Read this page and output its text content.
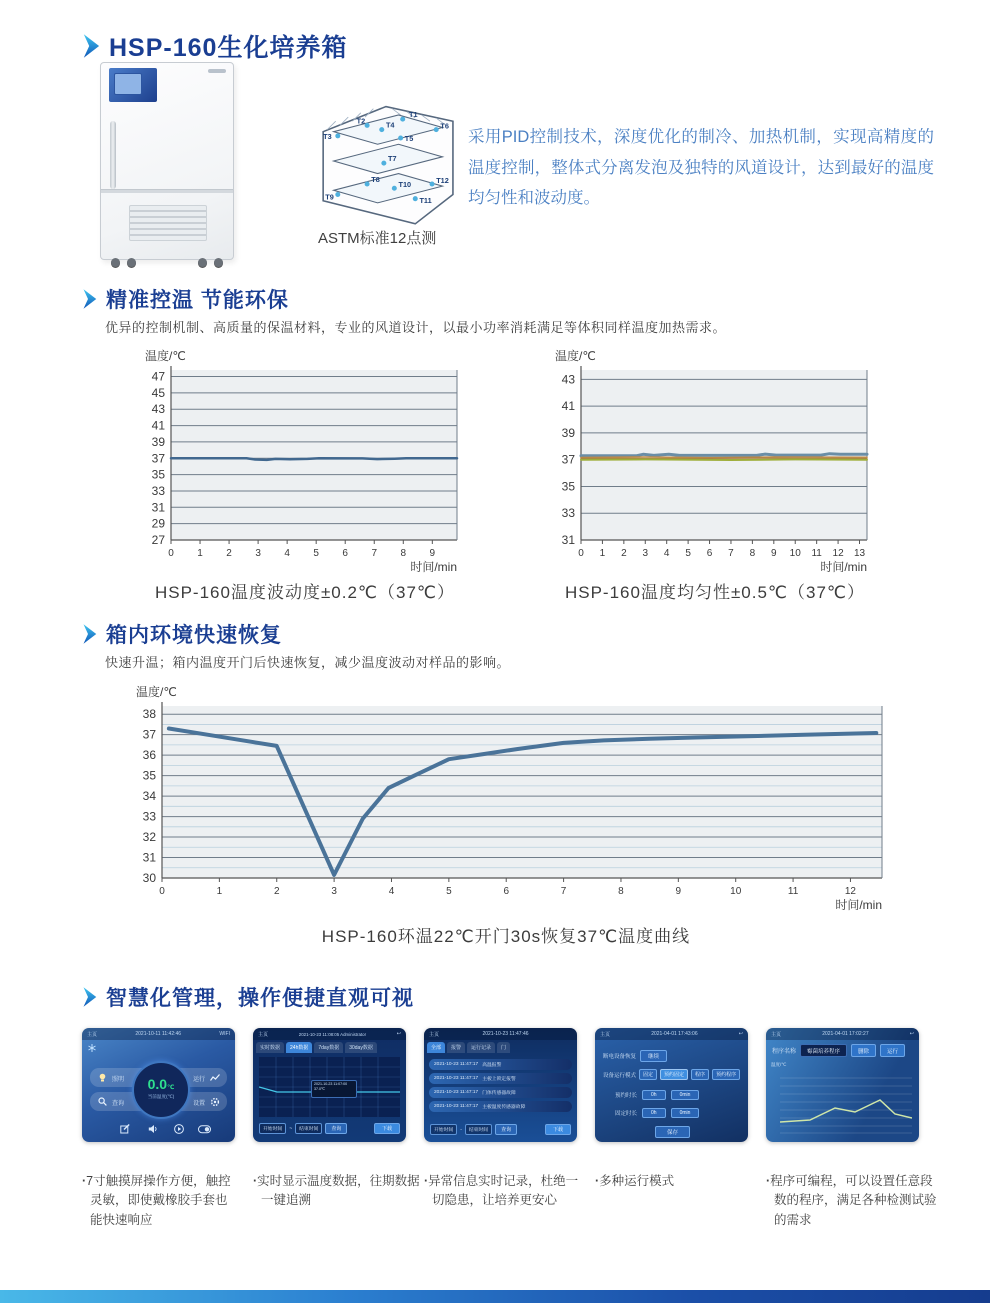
HSP-160生化培养箱
T1
T2
T3
T4
T5
T6
T7
T8
T9
T10
T11
T12
ASTM标准12点测
采用PID控制技术，深度优化的制冷、加热机制，实现高精度的温度控制，整体式分离发泡及独特的风道设计，达到最好的温度均匀性和波动度。
精准控温 节能环保
优异的控制机制、高质量的保温材料，专业的风道设计，以最小功率消耗满足等体积同样温度加热需求。
27
29
31
33
35
37
39
41
43
45
47
0 1 2 3 4 5 6 7 8 9
温度/℃
时间/min
HSP-160温度波动度±0.2℃（37℃）
31
33
35
37
39
41
43
0 1 2 3 4 5 6 7 8 9 10 11 12 13
温度/℃
时间/min
HSP-160温度均匀性±0.5℃（37℃）
箱内环境快速恢复
快速升温；箱内温度开门后快速恢复，减少温度波动对样品的影响。
30
31
32
33
34
35
36
37
38
0	1	2	3	4	5	6	7	8	9	10	11	12
温度/℃
时间/min
HSP-160环温22℃开门30s恢复37℃温度曲线
智慧化管理，操作便捷直观可视
主页	2021-10-11 11:42:46	WIFI
照明
查询
运行
设置
0.0℃
当前温度(℃)
主页	2021-10-23 11:08:05 Administrator	↩
实时数据	24h数据	7day数据	30day数据
2021-10-23 11:07:00
37.0℃
开始时间	~	结束时间	查询	下载
主页	2021-10-23 11:47:46
全部	报警	运行记录	门
2021-10-23 11:47:17 高温报警
2021-10-23 11:47:17 主板上锁定报警
2021-10-23 11:47:17 门体传感器故障
2021-10-23 11:47:17 主板温度传感器故障
开始时间	-	结束时间	查询	下载
主页	2021-04-01 17:43:06	↩
断电设备恢复	继续
设备运行模式	固定	预约固定	程序	预约程序
预约时长	0h	0min
固定时长	0h	0min
保存
主页	2021-04-01 17:02:27	↩
程序名称	霉菌培养程序	删除	运行
温度/℃
· 7寸触摸屏操作方便，触控灵敏，即使戴橡胶手套也能快速响应
· 实时显示温度数据，往期数据一键追溯
· 异常信息实时记录，杜绝一切隐患，让培养更安心
· 多种运行模式	· 程序可编程，可以设置任意段数的程序，满足各种检测试验的需求
